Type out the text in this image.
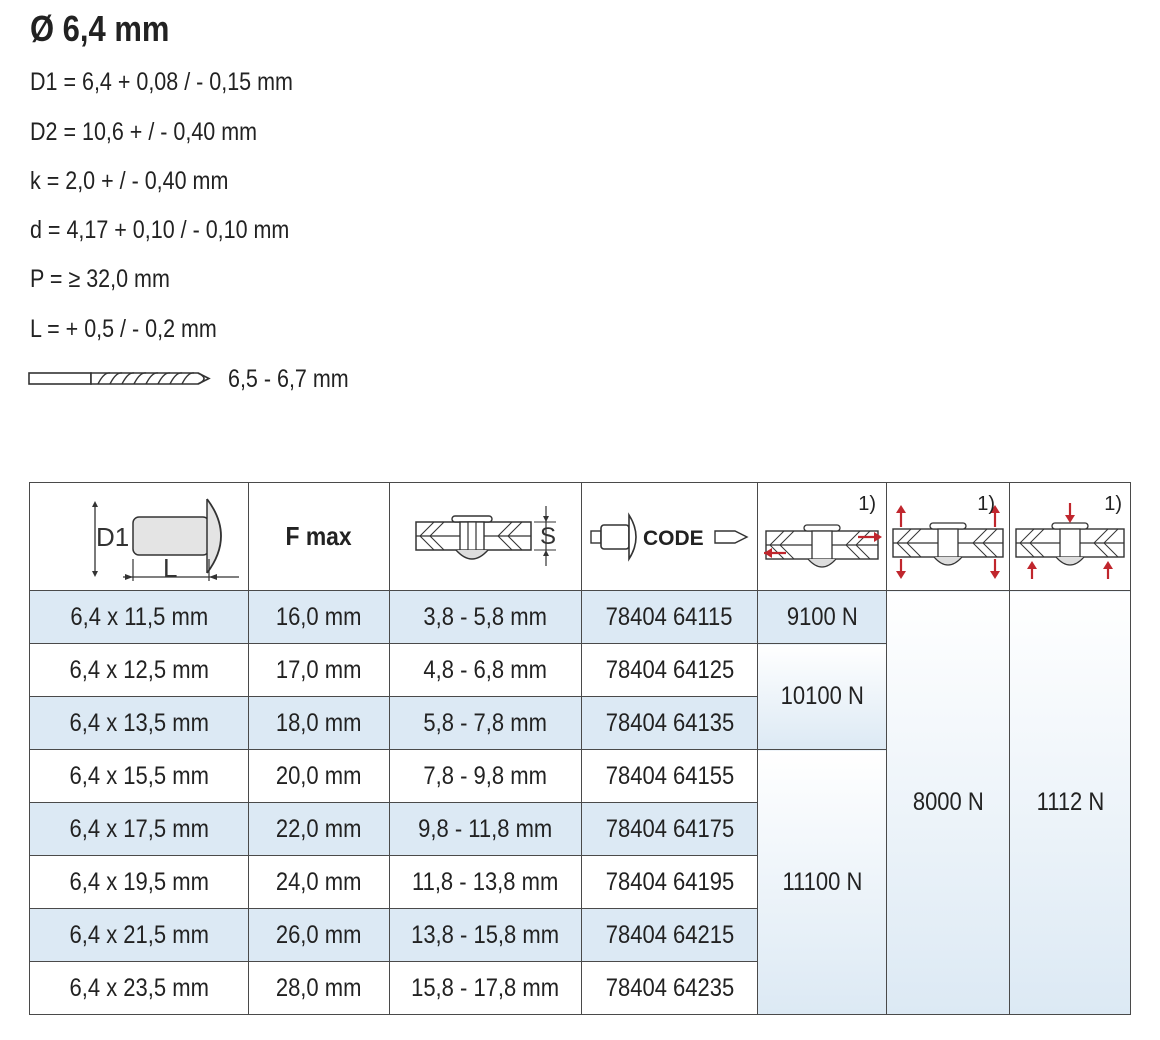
Ø 6,4 mm
D1 = 6,4 + 0,08 / - 0,15 mm
D2 = 10,6 + / - 0,40 mm
k = 2,0 + / - 0,40 mm
d = 4,17 + 0,10 / - 0,10 mm
P = ≥ 32,0 mm
L = + 0,5 / - 0,2 mm
6,5 - 6,7 mm
D1
L	F max	S	CODE	1)	1)	1)

6,4 x 11,5 mm	16,0 mm	3,8 - 5,8 mm	78404 64115	9100 N	8000 N	1112 N
6,4 x 12,5 mm	17,0 mm	4,8 - 6,8 mm	78404 64125	10100 N		
6,4 x 13,5 mm	18,0 mm	5,8 - 7,8 mm	78404 64135			
6,4 x 15,5 mm	20,0 mm	7,8 - 9,8 mm	78404 64155	11100 N		
6,4 x 17,5 mm	22,0 mm	9,8 - 11,8 mm	78404 64175			
6,4 x 19,5 mm	24,0 mm	11,8 - 13,8 mm	78404 64195			
6,4 x 21,5 mm	26,0 mm	13,8 - 15,8 mm	78404 64215			
6,4 x 23,5 mm	28,0 mm	15,8 - 17,8 mm	78404 64235			
